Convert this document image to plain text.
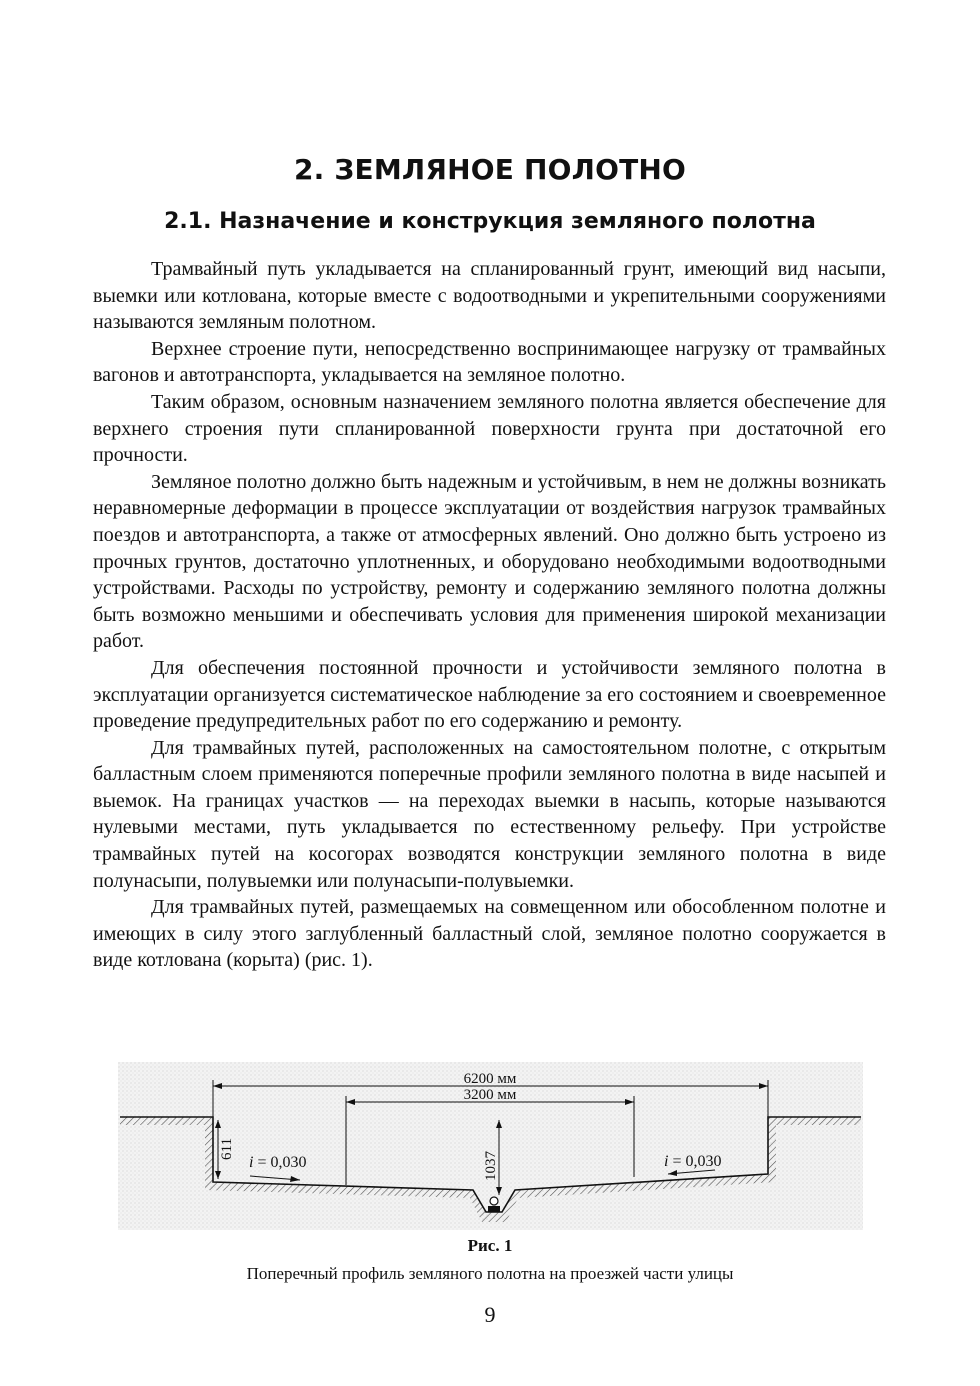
2. ЗЕМЛЯНОЕ ПОЛОТНО
2.1. Назначение и конструкция земляного полотна

Трамвайный путь укладывается на спланированный грунт, имеющий вид насыпи, выемки или котлована, которые вместе с водоотводными и укрепительными сооружениями называются земляным полотном.

Верхнее строение пути, непосредственно воспринимающее нагрузку от трамвайных вагонов и автотранспорта, укладывается на земляное полотно.

Таким образом, основным назначением земляного полотна является обеспечение для верхнего строения пути спланированной поверхности грунта при достаточной его прочности.

Земляное полотно должно быть надежным и устойчивым, в нем не должны возникать неравномерные деформации в процессе эксплуатации от воздействия нагрузок трамвайных поездов и автотранспорта, а также от атмосферных явлений. Оно должно быть устроено из прочных грунтов, достаточно уплотненных, и оборудовано необходимыми водоотводными устройствами. Расходы по устройству, ремонту и содержанию земляного полотна должны быть возможно меньшими и обеспечивать условия для применения широкой механизации работ.

Для обеспечения постоянной прочности и устойчивости земляного полотна в эксплуатации организуется систематическое наблюдение за его состоянием и своевременное проведение предупредительных работ по его содержанию и ремонту.

Для трамвайных путей, расположенных на самостоятельном полотне, с открытым балластным слоем применяются поперечные профили земляного полотна в виде насыпей и выемок. На границах участков — на переходах выемки в насыпь, которые называются нулевыми местами, путь укладывается по естественному рельефу. При устройстве трамвайных путей на косогорах возводятся конструкции земляного полотна в виде полунасыпи, полувыемки или полунасыпи-полувыемки.

Для трамвайных путей, размещаемых на совмещенном или обособленном полотне и имеющих в силу этого заглубленный балластный слой, земляное полотно сооружается в виде котлована (корыта) (рис. 1).

6200 мм
3200 мм
611
1037
i = 0,030	i = 0,030
Рис. 1
Поперечный профиль земляного полотна на проезжей части улицы
9
